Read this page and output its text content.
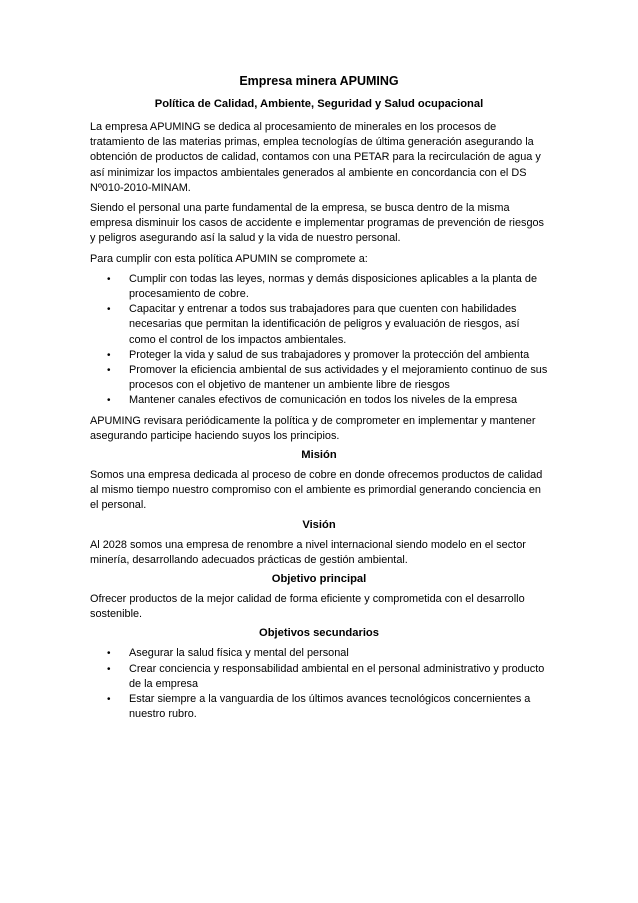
Empresa minera APUMING
Política de Calidad, Ambiente, Seguridad y Salud ocupacional

La empresa APUMING se dedica al procesamiento de minerales en los procesos de tratamiento de las materias primas, emplea tecnologías de última generación asegurando la obtención de productos de calidad, contamos con una PETAR para la recirculación de agua y así minimizar los impactos ambientales generados al ambiente en concordancia con el DS Nº010-2010-MINAM.

Siendo el personal una parte fundamental de la empresa, se busca dentro de la misma empresa disminuir los casos de accidente e implementar programas de prevención de riesgos y peligros asegurando así la salud y la vida de nuestro personal.

Para cumplir con esta política APUMIN se compromete a:

• Cumplir con todas las leyes, normas y demás disposiciones aplicables a la planta de procesamiento de cobre.
• Capacitar y entrenar a todos sus trabajadores para que cuenten con habilidades necesarias que permitan la identificación de peligros y evaluación de riesgos, así como el control de los impactos ambientales.
• Proteger la vida y salud de sus trabajadores y promover la protección del ambienta
• Promover la eficiencia ambiental de sus actividades y el mejoramiento continuo de sus procesos con el objetivo de mantener un ambiente libre de riesgos
• Mantener canales efectivos de comunicación en todos los niveles de la empresa

APUMING revisara periódicamente la política y de comprometer en implementar y mantener asegurando participe haciendo suyos los principios.

Misión

Somos una empresa dedicada al proceso de cobre en donde ofrecemos productos de calidad al mismo tiempo nuestro compromiso con el ambiente es primordial generando conciencia en el personal.

Visión

Al 2028 somos una empresa de renombre a nivel internacional siendo modelo en el sector minería, desarrollando adecuados prácticas de gestión ambiental.

Objetivo principal

Ofrecer productos de la mejor calidad de forma eficiente y comprometida con el desarrollo sostenible.

Objetivos secundarios
• Asegurar la salud física y mental del personal
• Crear conciencia y responsabilidad ambiental en el personal administrativo y producto de la empresa
• Estar siempre a la vanguardia de los últimos avances tecnológicos concernientes a nuestro rubro.
